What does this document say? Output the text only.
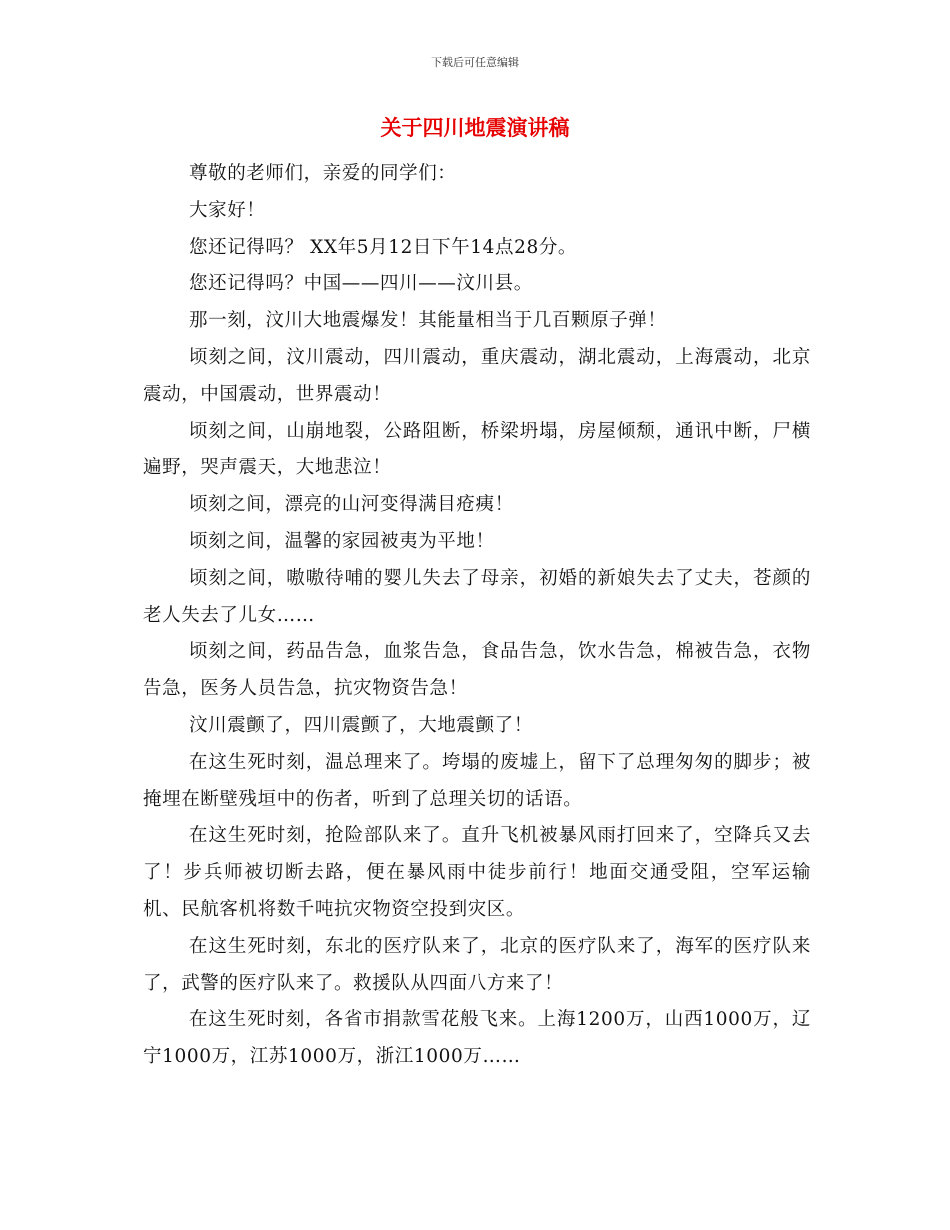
下载后可任意编辑
关于四川地震演讲稿

尊敬的老师们，亲爱的同学们：

大家好！

您还记得吗？ XX年5月12日下午14点28分。

您还记得吗？中国——四川——汶川县。

那一刻，汶川大地震爆发！其能量相当于几百颗原子弹！

顷刻之间，汶川震动，四川震动，重庆震动，湖北震动，上海震动，北京震动，中国震动，世界震动！

顷刻之间，山崩地裂，公路阻断，桥梁坍塌，房屋倾颓，通讯中断，尸横遍野，哭声震天，大地悲泣！

顷刻之间，漂亮的山河变得满目疮痍！

顷刻之间，温馨的家园被夷为平地！

顷刻之间，嗷嗷待哺的婴儿失去了母亲，初婚的新娘失去了丈夫，苍颜的老人失去了儿女……

顷刻之间，药品告急，血浆告急，食品告急，饮水告急，棉被告急，衣物告急，医务人员告急，抗灾物资告急！

汶川震颤了，四川震颤了，大地震颤了！

在这生死时刻，温总理来了。垮塌的废墟上，留下了总理匆匆的脚步；被掩埋在断壁残垣中的伤者，听到了总理关切的话语。

在这生死时刻，抢险部队来了。直升飞机被暴风雨打回来了，空降兵又去了！步兵师被切断去路，便在暴风雨中徒步前行！地面交通受阻，空军运输机、民航客机将数千吨抗灾物资空投到灾区。

在这生死时刻，东北的医疗队来了，北京的医疗队来了，海军的医疗队来了，武警的医疗队来了。救援队从四面八方来了！

在这生死时刻，各省市捐款雪花般飞来。上海1200万，山西1000万，辽宁1000万，江苏1000万，浙江1000万……
